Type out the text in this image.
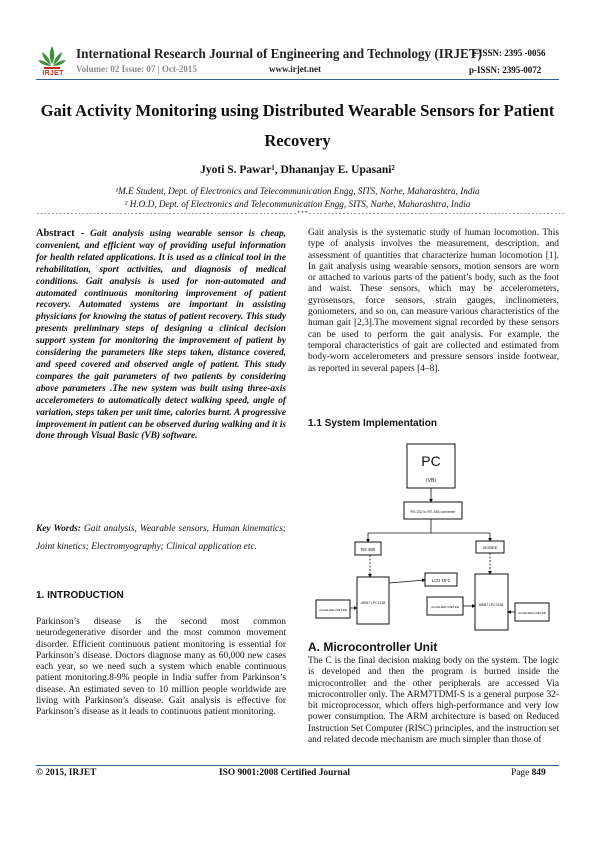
IRJET
International Research Journal of Engineering and Technology (IRJET)
Volume: 02 Issue: 07 | Oct-2015	www.irjet.net
e-ISSN: 2395 -0056
p-ISSN: 2395-0072
Gait Activity Monitoring using Distributed Wearable Sensors for Patient Recovery
Jyoti S. Pawar¹, Dhananjay E. Upasani²
¹M.E Student, Dept. of Electronics and Telecommunication Engg, SITS, Narhe, Maharashtra, India
² H.O.D, Dept. of Electronics and Telecommunication Engg, SITS, Narhe, Maharashtra, India
---------------------------------------------------------------------***--------------------------------------------------------------------
Abstract - Gait analysis using wearable sensor is cheap, convenient, and efficient way of providing useful information for health related applications. It is used as a clinical tool in the rehabilitation, sport activities, and diagnosis of medical conditions. Gait analysis is used for non-automated and automated continuous monitoring improvement of patient recovery. Automated systems are important in assisting physicians for knowing the status of patient recovery. This study presents preliminary steps of designing a clinical decision support system for monitoring the improvement of patient by considering the parameters like steps taken, distance covered, and speed covered and observed angle of patient. This study compares the gait parameters of two patients by considering above parameters .The new system was built using three-axis accelerometers to automatically detect walking speed, angle of variation, steps taken per unit time, calories burnt. A progressive improvement in patient can be observed during walking and it is done through Visual Basic (VB) software.
Key Words: Gait analysis, Wearable sensors, Human kinematics; Joint kinetics; Electromyography; Clinical application etc.
1. INTRODUCTION
Parkinson’s disease is the second most common neurodegenerative disorder and the most common movement disorder. Efficient continuous patient monitoring is essential for Parkinson’s disease. Doctors diagnose many as 60,000 new cases each year, so we need such a system which enable continuous patient monitoring.8-9% people in India suffer from Parkinson’s disease. An estimated seven to 10 million people worldwide are living with Parkinson’s disease. Gait analysis is effective for Parkinson’s disease as it leads to continuous patient monitoring.
Gait analysis is the systematic study of human locomotion. This type of analysis involves the measurement, description, and assessment of quantities that characterize human locomotion [1]. In gait analysis using wearable sensors, motion sensors are worn or attached to various parts of the patient’s body, such as the foot and waist. These sensors, which may be accelerometers, gyrosensors, force sensors, strain gauges, inclinometers, goniometers, and so on, can measure various characteristics of the human gait [2,3].The movement signal recorded by these sensors can be used to perform the gait analysis. For example, the temporal characteristics of gait are collected and estimated from body-worn accelerometers and pressure sensors inside footwear, as reported in several papers [4–8].
1.1 System Implementation
PC
(VB)
RS 232 to RS 485 converter
RS 485
LCD 16*2
ZIGBEE
ARM7 LPC2138	ARM7 LPC2138
ACCELERO METER
ACCELERO METER
ACCELERO METER
A. Microcontroller Unit
The C is the final decision making body on the system. The logic is developed and then the program is burned inside the microcontroller and the other peripherals are accessed Via microcontroller only. The ARM7TDMI-S is a general purpose 32-bit microprocessor, which offers high-performance and very low power consumption. The ARM architecture is based on Reduced Instruction Set Computer (RISC) principles, and the instruction set and related decode mechanism are much simpler than those of
© 2015, IRJET	ISO 9001:2008 Certified Journal	Page 849
